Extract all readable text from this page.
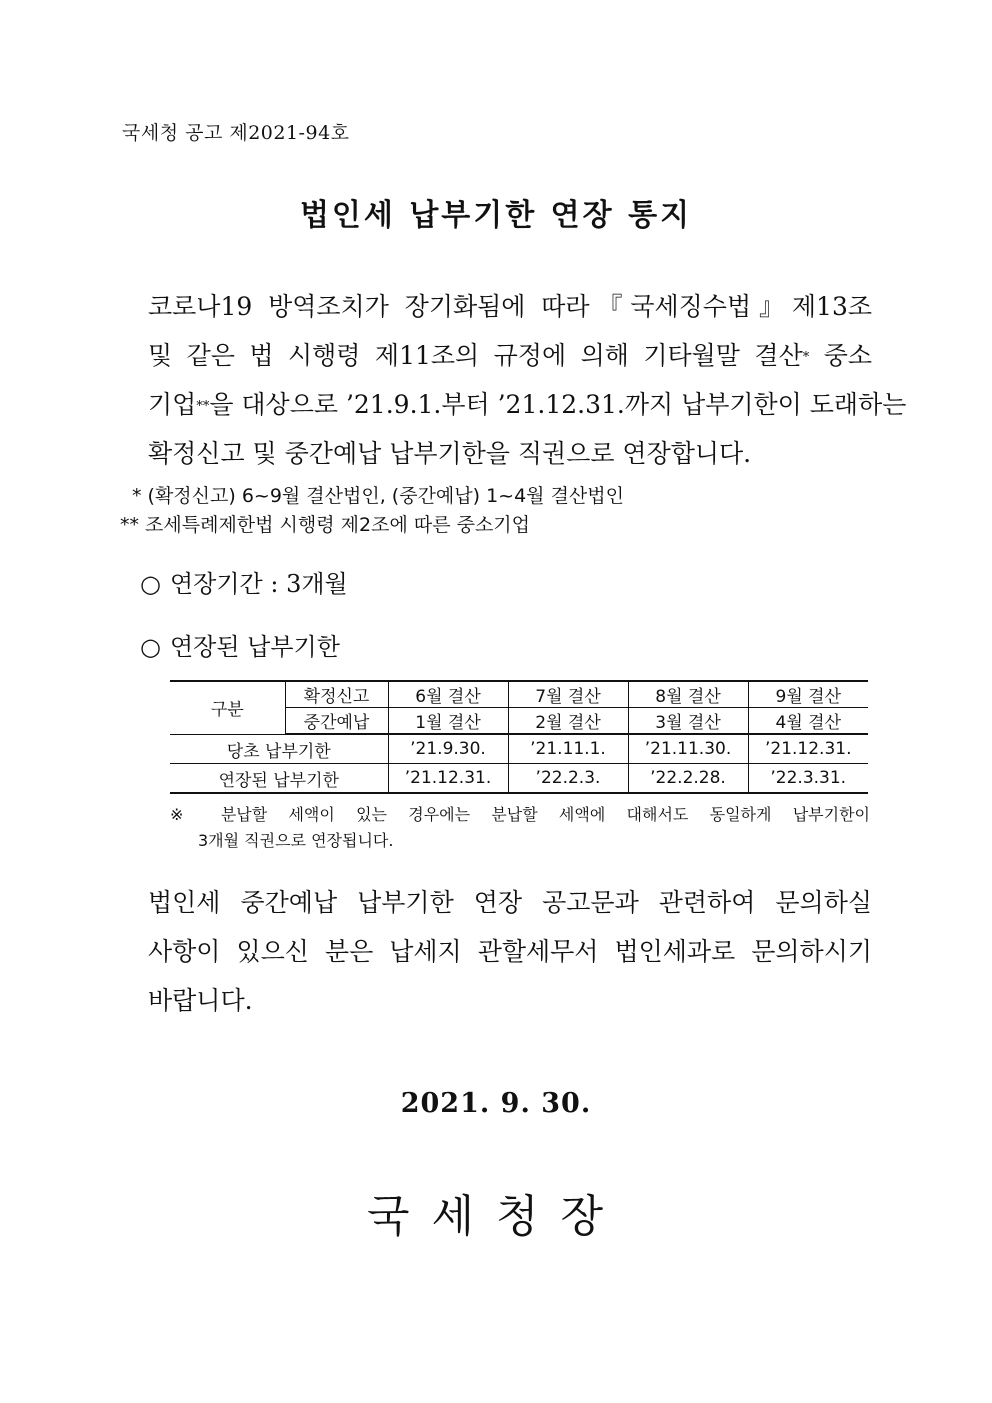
국세청 공고 제2021-94호
법인세 납부기한 연장 통지
코로나19 방역조치가 장기화됨에 따라『국세징수법』제13조
및 같은 법 시행령 제11조의 규정에 의해 기타월말 결산* 중소
기업**을 대상으로 ’21.9.1.부터 ’21.12.31.까지 납부기한이 도래하는
확정신고 및 중간예납 납부기한을 직권으로 연장합니다.
* (확정신고) 6~9월 결산법인, (중간예납) 1~4월 결산법인
** 조세특례제한법 시행령 제2조에 따른 중소기업
○ 연장기간 : 3개월
○ 연장된 납부기한
구분	확정신고	6월 결산	7월 결산	8월 결산	9월 결산
	중간예납	1월 결산	2월 결산	3월 결산	4월 결산
당초 납부기한		’21.9.30.	’21.11.1.	’21.11.30.	’21.12.31.
연장된 납부기한		’21.12.31.	’22.2.3.	’22.2.28.	’22.3.31.
※ 분납할 세액이 있는 경우에는 분납할 세액에 대해서도 동일하게 납부기한이
3개월 직권으로 연장됩니다.
법인세 중간예납 납부기한 연장 공고문과 관련하여 문의하실
사항이 있으신 분은 납세지 관할세무서 법인세과로 문의하시기
바랍니다.
2021. 9. 30.
국세청장
